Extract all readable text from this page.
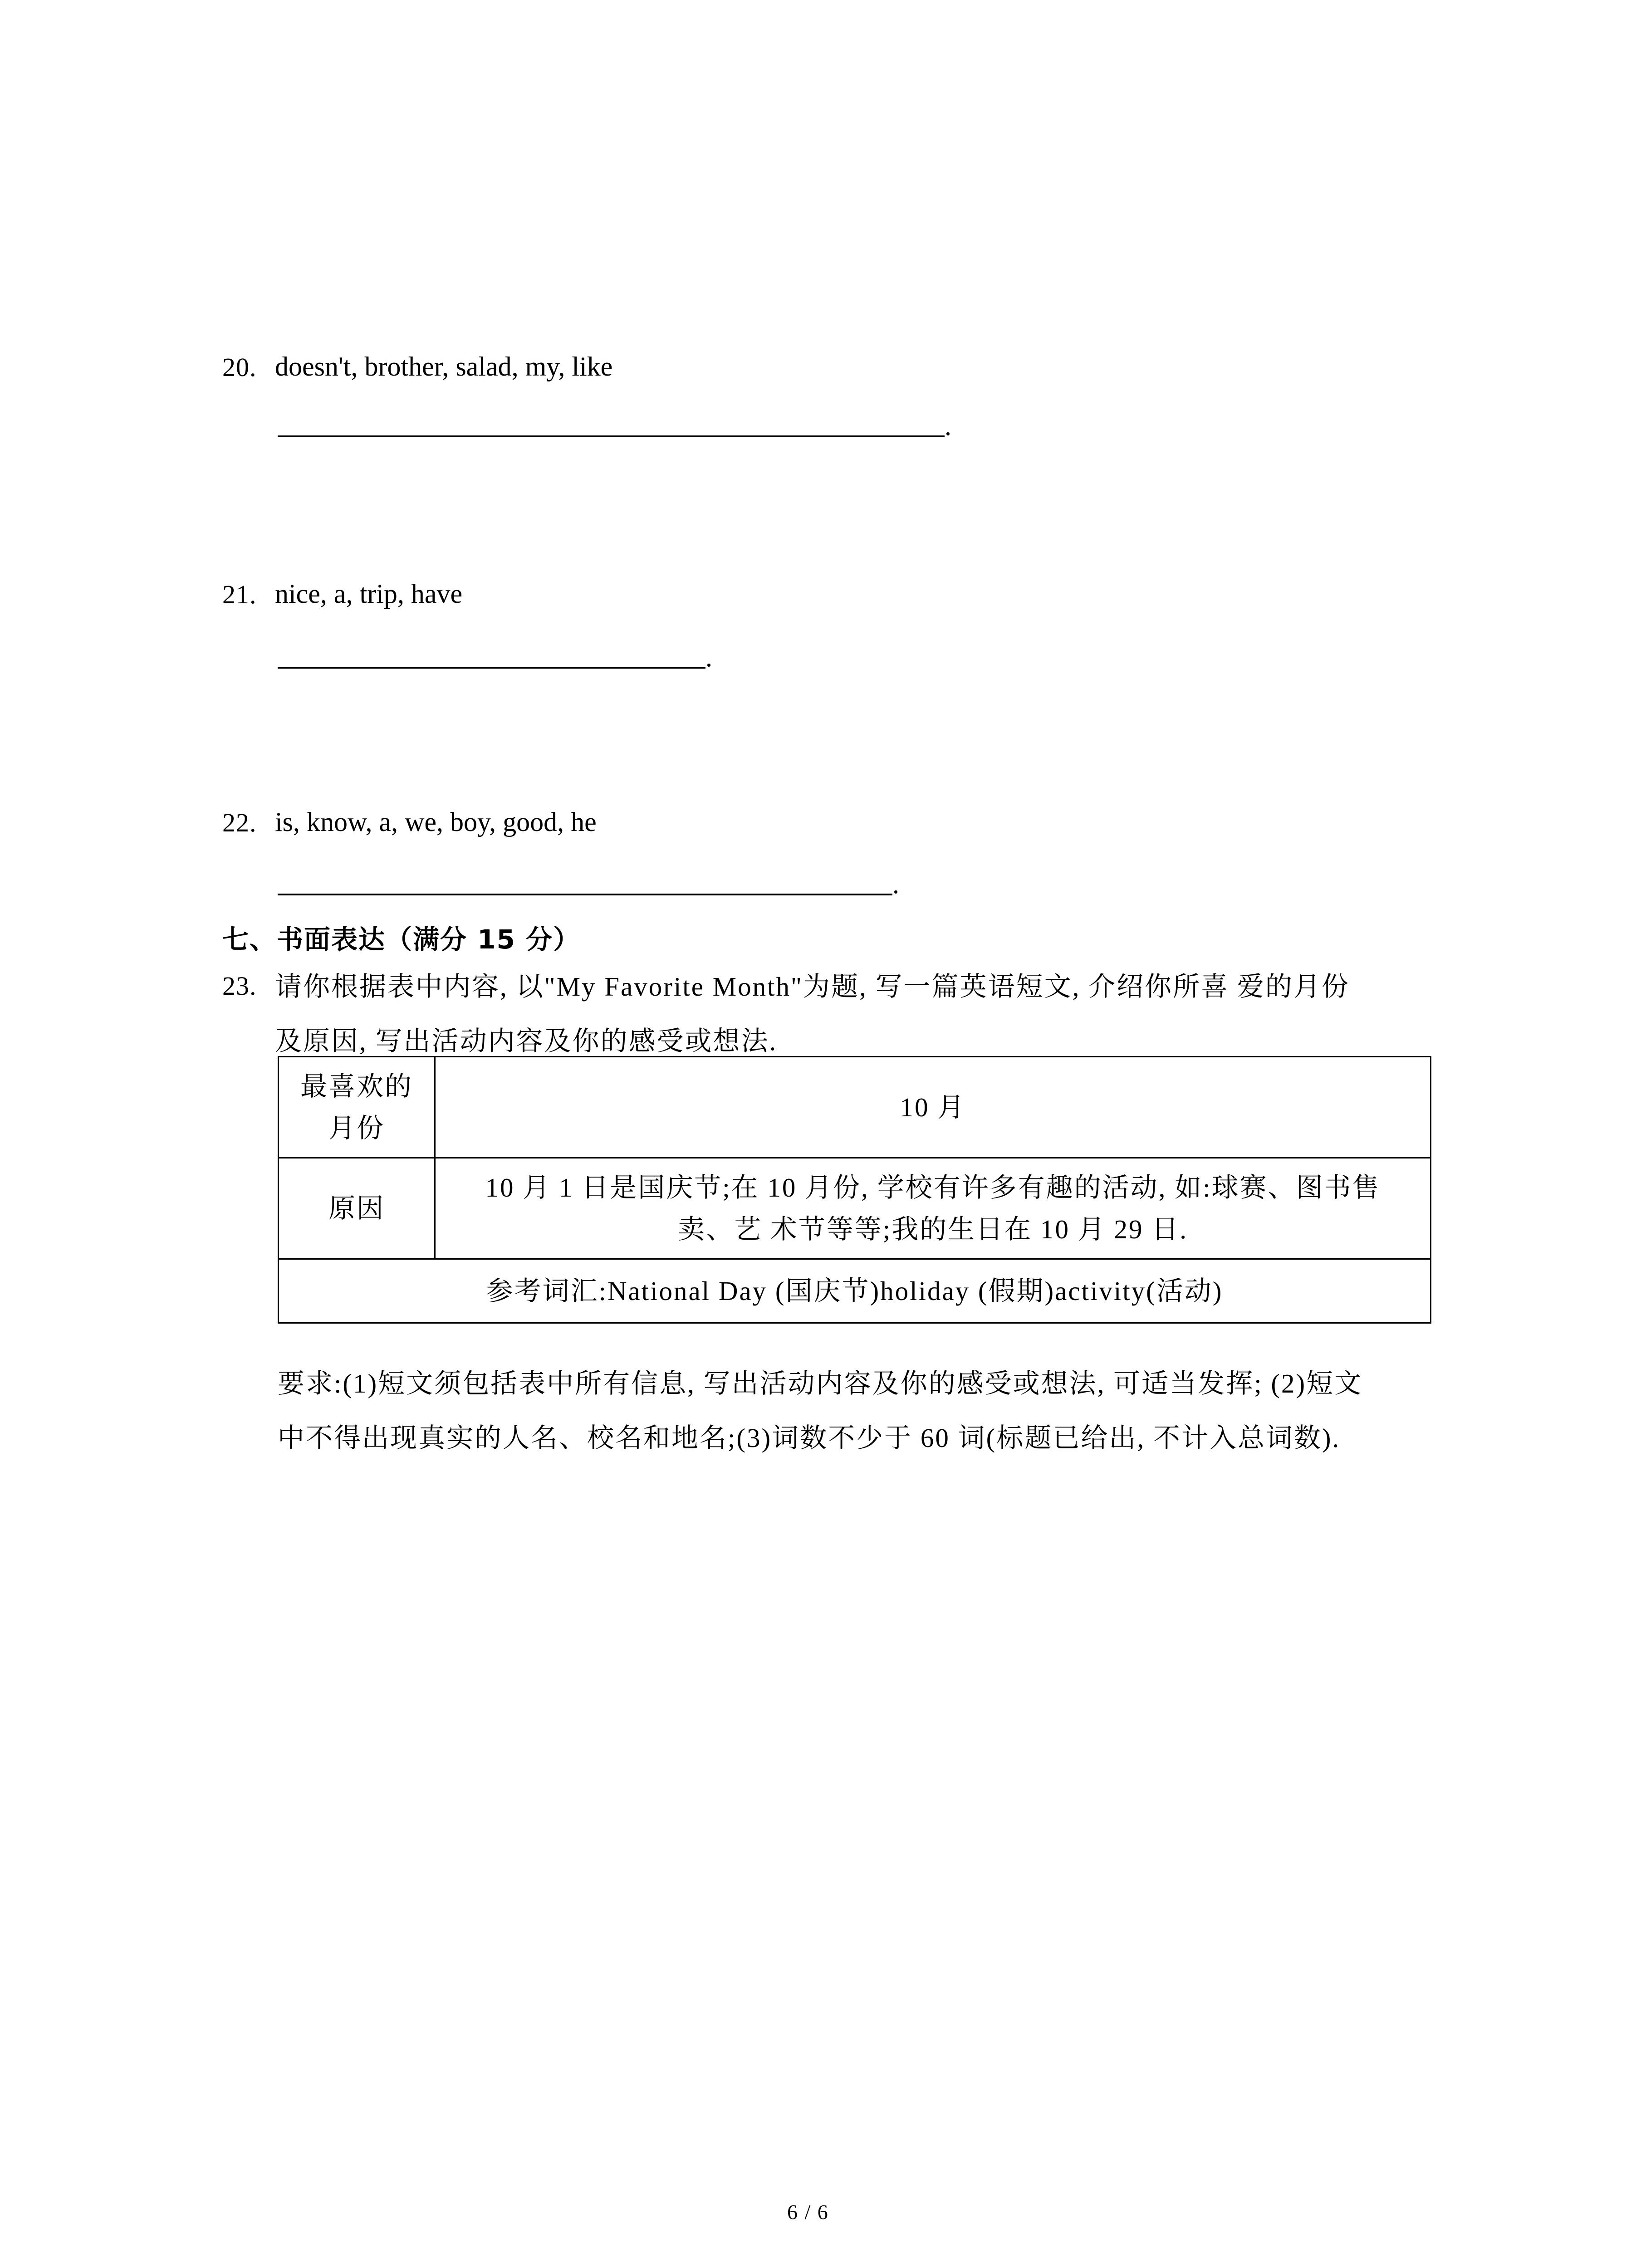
20. doesn't, brother, salad, my, like
.
21. nice, a, trip, have
.
22. is, know, a, we, boy, good, he
.
七、书面表达（满分 15 分）
23. 请你根据表中内容, 以"My Favorite Month"为题, 写一篇英语短文, 介绍你所喜 爱的月份
及原因, 写出活动内容及你的感受或想法.
最喜欢的
月份	10 月
原因	10 月 1 日是国庆节;在 10 月份, 学校有许多有趣的活动, 如:球赛、图书售
卖、艺 术节等等;我的生日在 10 月 29 日.

参考词汇:National Day (国庆节)holiday (假期)activity(活动)	
要求:(1)短文须包括表中所有信息, 写出活动内容及你的感受或想法, 可适当发挥; (2)短文
中不得出现真实的人名、校名和地名;(3)词数不少于 60 词(标题已给出, 不计入总词数).
6 / 6
